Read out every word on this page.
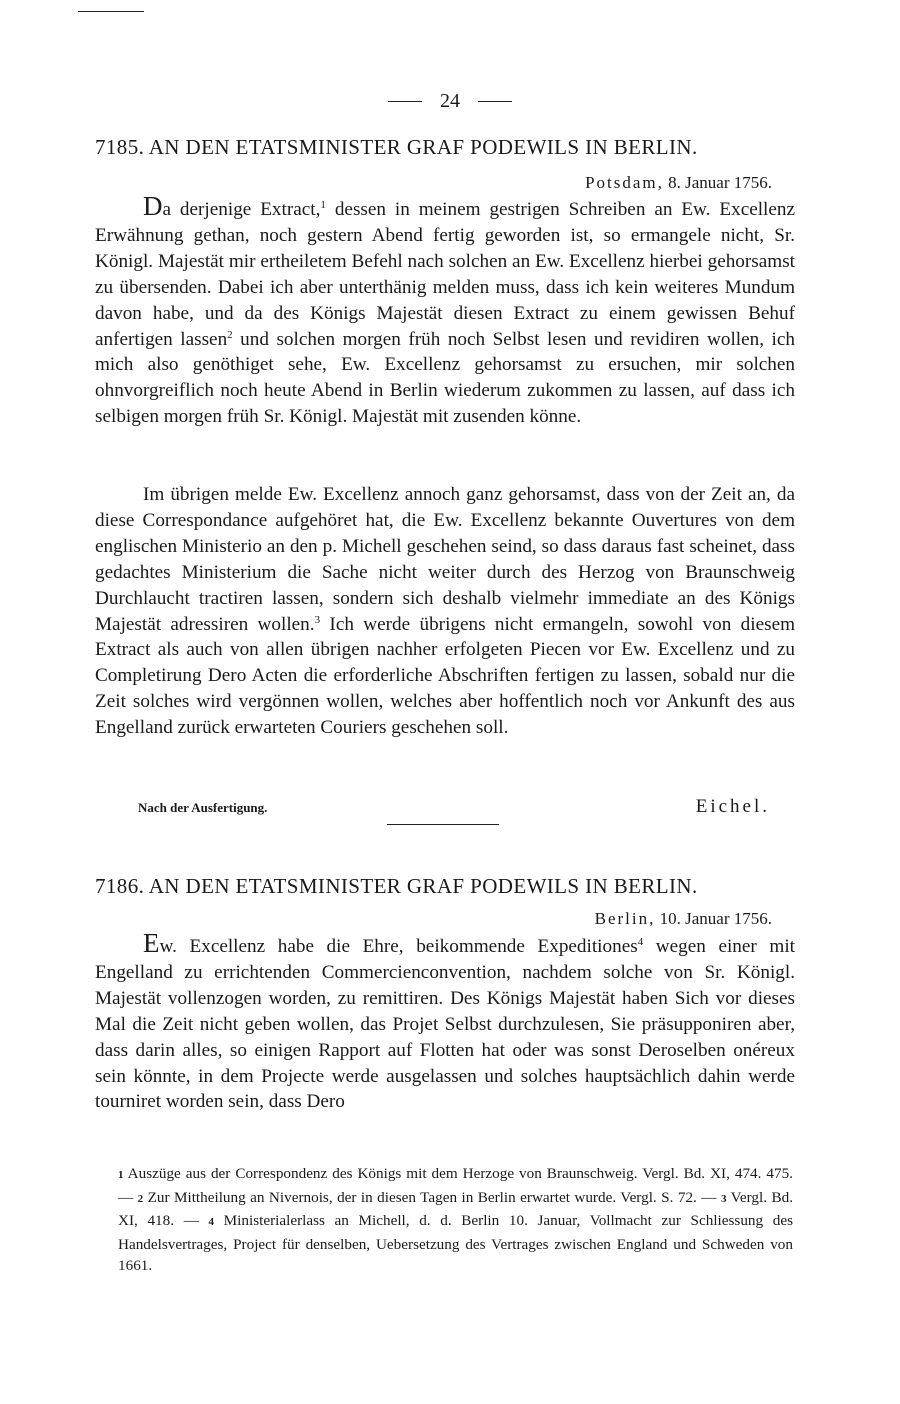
24
7185. AN DEN ETATSMINISTER GRAF PODEWILS IN BERLIN.
Potsdam, 8. Januar 1756.

Da derjenige Extract,$^1$ dessen in meinem gestrigen Schreiben an Ew. Excellenz Erwähnung gethan, noch gestern Abend fertig geworden ist, so ermangele nicht, Sr. Königl. Majestät mir ertheiletem Befehl nach solchen an Ew. Excellenz hierbei gehorsamst zu übersenden. Dabei ich aber unterthänig melden muss, dass ich kein weiteres Mundum davon habe, und da des Königs Majestät diesen Extract zu einem gewissen Behuf anfertigen lassen$^2$ und solchen morgen früh noch Selbst lesen und revidiren wollen, ich mich also genöthiget sehe, Ew. Excellenz gehorsamst zu ersuchen, mir solchen ohnvorgreiflich noch heute Abend in Berlin wiederum zukommen zu lassen, auf dass ich selbigen morgen früh Sr. Königl. Majestät mit zusenden könne.

Im übrigen melde Ew. Excellenz annoch ganz gehorsamst, dass von der Zeit an, da diese Correspondance aufgehöret hat, die Ew. Excellenz bekannte Ouvertures von dem englischen Ministerio an den p. Michell geschehen seind, so dass daraus fast scheinet, dass gedachtes Ministerium die Sache nicht weiter durch des Herzog von Braunschweig Durchlaucht tractiren lassen, sondern sich deshalb vielmehr immediate an des Königs Majestät adressiren wollen.$^3$ Ich werde übrigens nicht ermangeln, sowohl von diesem Extract als auch von allen übrigen nachher erfolgeten Piecen vor Ew. Excellenz und zu Completirung Dero Acten die erforderliche Abschriften fertigen zu lassen, sobald nur die Zeit solches wird vergönnen wollen, welches aber hoffentlich noch vor Ankunft des aus Engelland zurück erwarteten Couriers geschehen soll.

Nach der Ausfertigung.	Eichel.
7186. AN DEN ETATSMINISTER GRAF PODEWILS IN BERLIN.
Berlin, 10. Januar 1756.

Ew. Excellenz habe die Ehre, beikommende Expeditiones$^4$ wegen einer mit Engelland zu errichtenden Commercienconvention, nachdem solche von Sr. Königl. Majestät vollenzogen worden, zu remittiren. Des Königs Majestät haben Sich vor dieses Mal die Zeit nicht geben wollen, das Projet Selbst durchzulesen, Sie präsupponiren aber, dass darin alles, so einigen Rapport auf Flotten hat oder was sonst Deroselben onéreux sein könnte, in dem Projecte werde ausgelassen und solches hauptsächlich dahin werde tourniret worden sein, dass Dero

1 Auszüge aus der Correspondenz des Königs mit dem Herzoge von Braunschweig. Vergl. Bd. XI, 474. 475. — 2 Zur Mittheilung an Nivernois, der in diesen Tagen in Berlin erwartet wurde. Vergl. S. 72. — 3 Vergl. Bd. XI, 418. — 4 Ministerialerlass an Michell, d. d. Berlin 10. Januar, Vollmacht zur Schliessung des Handelsvertrages, Project für denselben, Uebersetzung des Vertrages zwischen England und Schweden von 1661.
